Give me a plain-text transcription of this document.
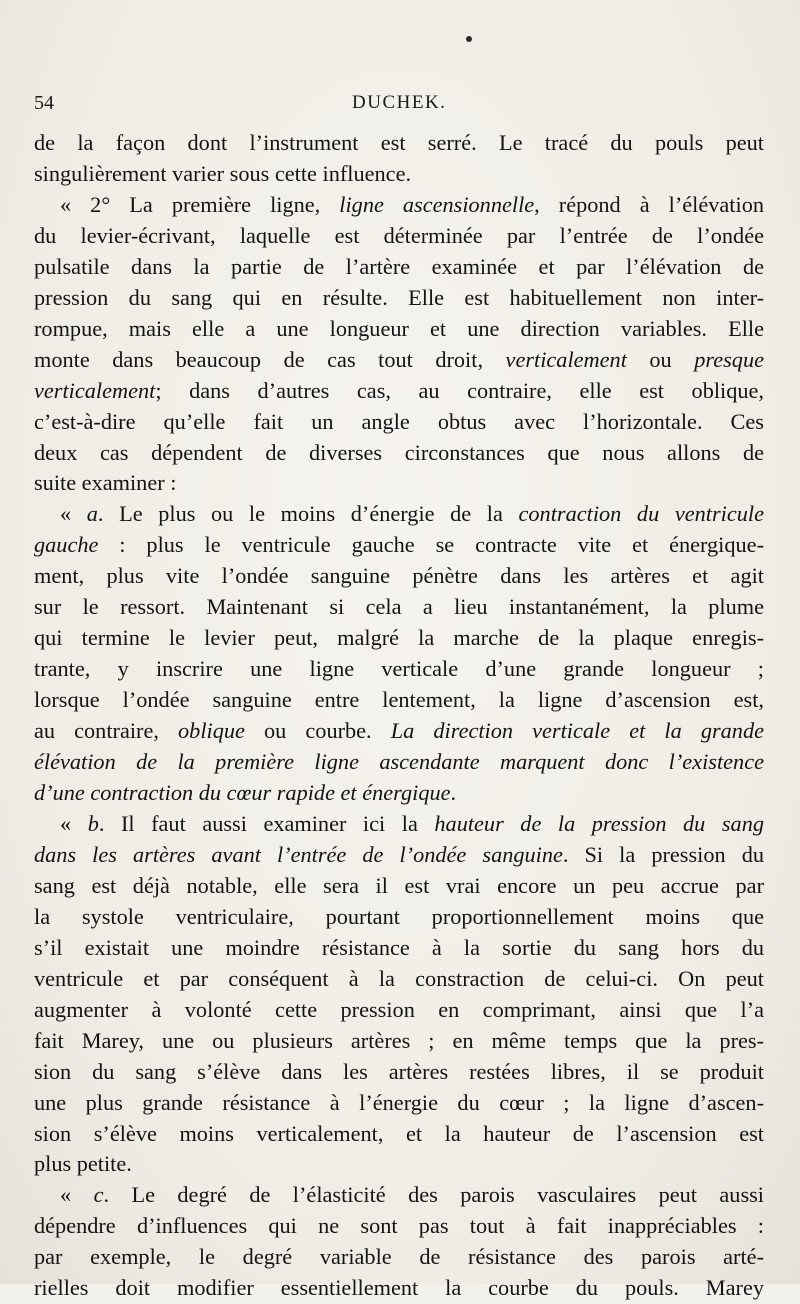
54	DUCHEK.
de la façon dont l’instrument est serré. Le tracé du pouls peut
singulièrement varier sous cette influence.
« 2° La première ligne, ligne ascensionnelle, répond à l’élévation
du levier-écrivant, laquelle est déterminée par l’entrée de l’ondée
pulsatile dans la partie de l’artère examinée et par l’élévation de
pression du sang qui en résulte. Elle est habituellement non inter-
rompue, mais elle a une longueur et une direction variables. Elle
monte dans beaucoup de cas tout droit, verticalement ou presque
verticalement; dans d’autres cas, au contraire, elle est oblique,
c’est-à-dire qu’elle fait un angle obtus avec l’horizontale. Ces
deux cas dépendent de diverses circonstances que nous allons de
suite examiner :
« a. Le plus ou le moins d’énergie de la contraction du ventricule
gauche : plus le ventricule gauche se contracte vite et énergique-
ment, plus vite l’ondée sanguine pénètre dans les artères et agit
sur le ressort. Maintenant si cela a lieu instantanément, la plume
qui termine le levier peut, malgré la marche de la plaque enregis-
trante, y inscrire une ligne verticale d’une grande longueur ;
lorsque l’ondée sanguine entre lentement, la ligne d’ascension est,
au contraire, oblique ou courbe. La direction verticale et la grande
élévation de la première ligne ascendante marquent donc l’existence
d’une contraction du cœur rapide et énergique.
« b. Il faut aussi examiner ici la hauteur de la pression du sang
dans les artères avant l’entrée de l’ondée sanguine. Si la pression du
sang est déjà notable, elle sera il est vrai encore un peu accrue par
la systole ventriculaire, pourtant proportionnellement moins que
s’il existait une moindre résistance à la sortie du sang hors du
ventricule et par conséquent à la constraction de celui-ci. On peut
augmenter à volonté cette pression en comprimant, ainsi que l’a
fait Marey, une ou plusieurs artères ; en même temps que la pres-
sion du sang s’élève dans les artères restées libres, il se produit
une plus grande résistance à l’énergie du cœur ; la ligne d’ascen-
sion s’élève moins verticalement, et la hauteur de l’ascension est
plus petite.
« c. Le degré de l’élasticité des parois vasculaires peut aussi
dépendre d’influences qui ne sont pas tout à fait inappréciables :
par exemple, le degré variable de résistance des parois arté-
rielles doit modifier essentiellement la courbe du pouls. Marey
